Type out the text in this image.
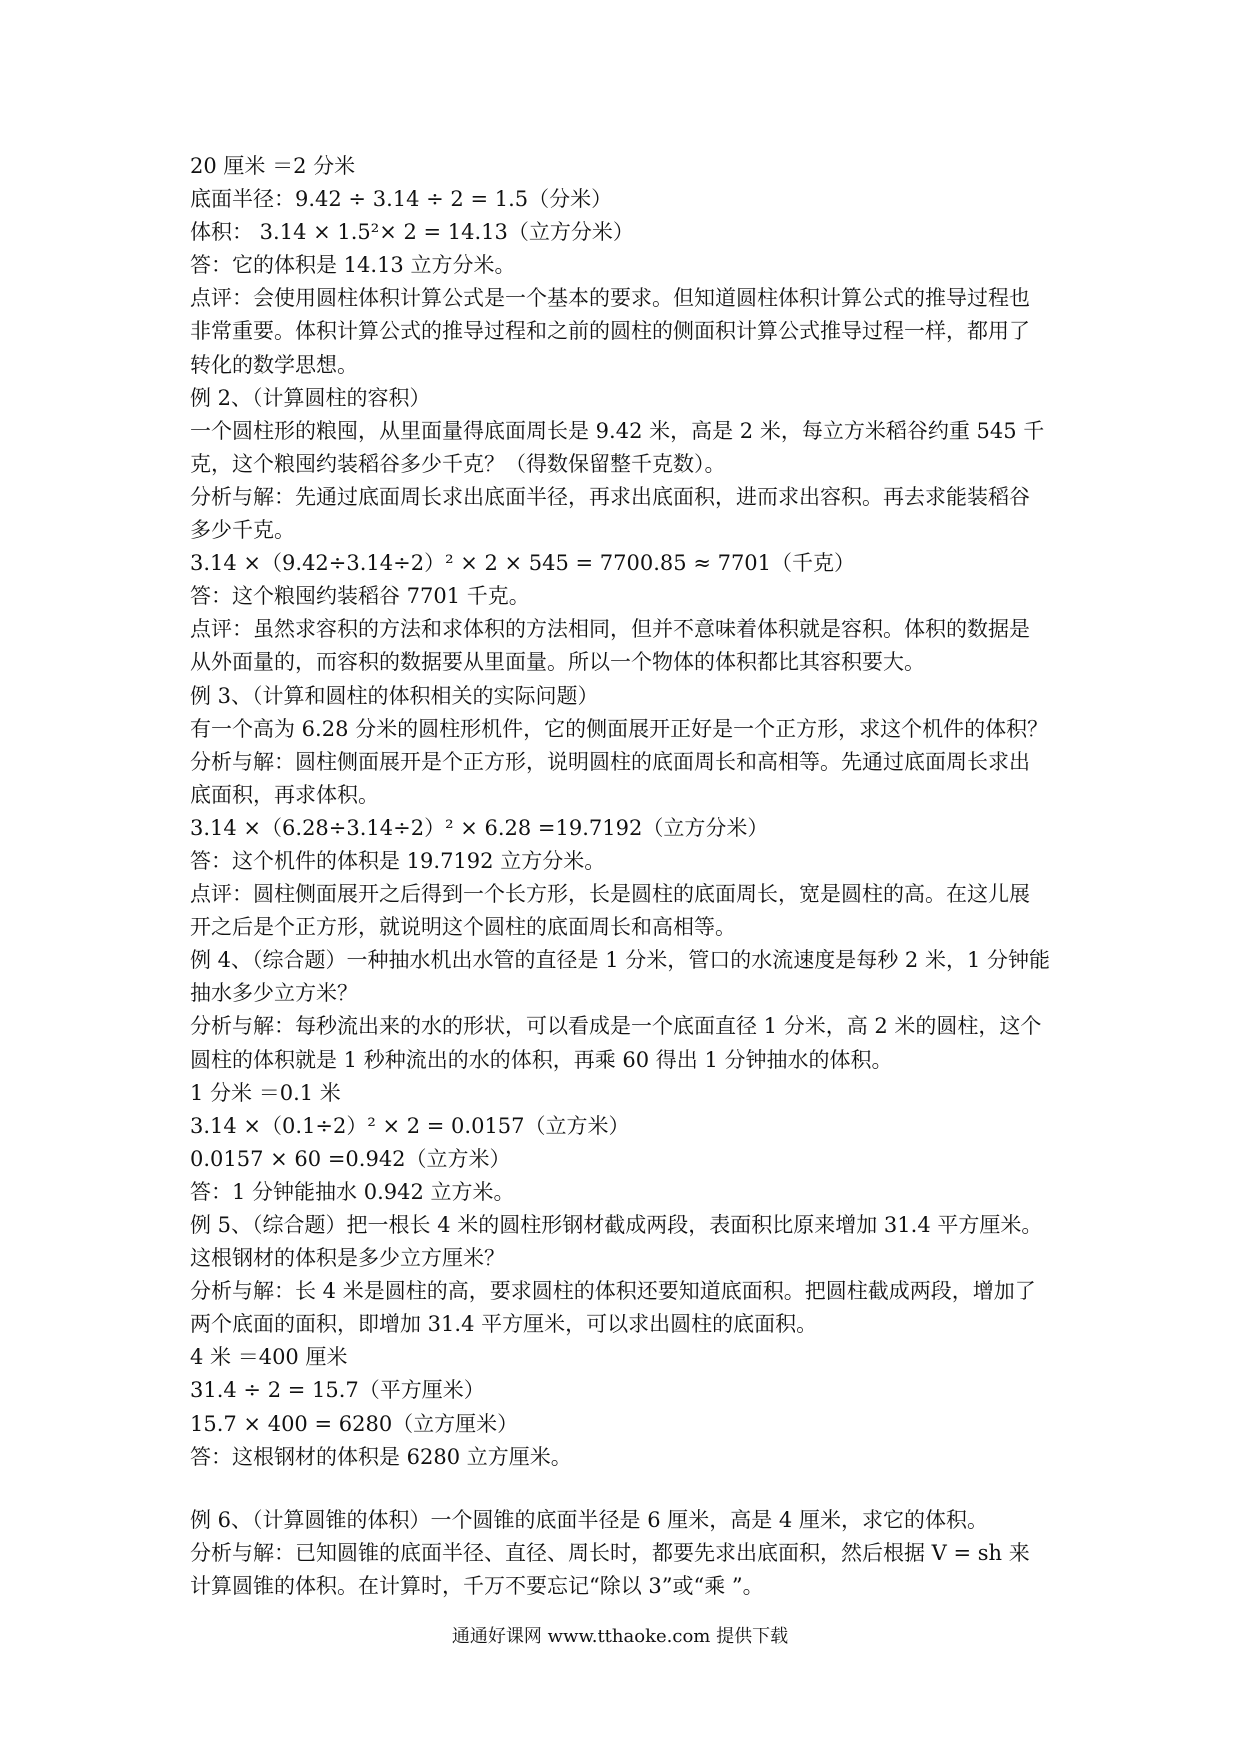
20 厘米 ＝2 分米

底面半径：9.42 ÷ 3.14 ÷ 2 = 1.5（分米）

体积： 3.14 × 1.5²× 2 = 14.13（立方分米）

答：它的体积是 14.13 立方分米。

点评：会使用圆柱体积计算公式是一个基本的要求。但知道圆柱体积计算公式的推导过程也

非常重要。体积计算公式的推导过程和之前的圆柱的侧面积计算公式推导过程一样，都用了

转化的数学思想。

例 2、（计算圆柱的容积）

一个圆柱形的粮囤，从里面量得底面周长是 9.42 米，高是 2 米，每立方米稻谷约重 545 千

克，这个粮囤约装稻谷多少千克？（得数保留整千克数）。

分析与解：先通过底面周长求出底面半径，再求出底面积，进而求出容积。再去求能装稻谷

多少千克。

3.14 ×（9.42÷3.14÷2）² × 2 × 545 = 7700.85 ≈ 7701（千克）

答：这个粮囤约装稻谷 7701 千克。

点评：虽然求容积的方法和求体积的方法相同，但并不意味着体积就是容积。体积的数据是

从外面量的，而容积的数据要从里面量。所以一个物体的体积都比其容积要大。

例 3、（计算和圆柱的体积相关的实际问题）

有一个高为 6.28 分米的圆柱形机件，它的侧面展开正好是一个正方形，求这个机件的体积？

分析与解：圆柱侧面展开是个正方形，说明圆柱的底面周长和高相等。先通过底面周长求出

底面积，再求体积。

3.14 ×（6.28÷3.14÷2）² × 6.28 =19.7192（立方分米）

答：这个机件的体积是 19.7192 立方分米。

点评：圆柱侧面展开之后得到一个长方形，长是圆柱的底面周长，宽是圆柱的高。在这儿展

开之后是个正方形，就说明这个圆柱的底面周长和高相等。

例 4、（综合题）一种抽水机出水管的直径是 1 分米，管口的水流速度是每秒 2 米，1 分钟能

抽水多少立方米？

分析与解：每秒流出来的水的形状，可以看成是一个底面直径 1 分米，高 2 米的圆柱，这个

圆柱的体积就是 1 秒种流出的水的体积，再乘 60 得出 1 分钟抽水的体积。

1 分米 ＝0.1 米

3.14 ×（0.1÷2）² × 2 = 0.0157（立方米）

0.0157 × 60 =0.942（立方米）

答：1 分钟能抽水 0.942 立方米。

例 5、（综合题）把一根长 4 米的圆柱形钢材截成两段，表面积比原来增加 31.4 平方厘米。

这根钢材的体积是多少立方厘米？

分析与解：长 4 米是圆柱的高，要求圆柱的体积还要知道底面积。把圆柱截成两段，增加了

两个底面的面积，即增加 31.4 平方厘米，可以求出圆柱的底面积。

4 米 ＝400 厘米

31.4 ÷ 2 = 15.7（平方厘米）

15.7 × 400 = 6280（立方厘米）

答：这根钢材的体积是 6280 立方厘米。

例 6、（计算圆锥的体积）一个圆锥的底面半径是 6 厘米，高是 4 厘米，求它的体积。

分析与解：已知圆锥的底面半径、直径、周长时，都要先求出底面积，然后根据 V = sh 来

计算圆锥的体积。在计算时，千万不要忘记“除以 3”或“乘 ”。

通通好课网 www.tthaoke.com 提供下载
